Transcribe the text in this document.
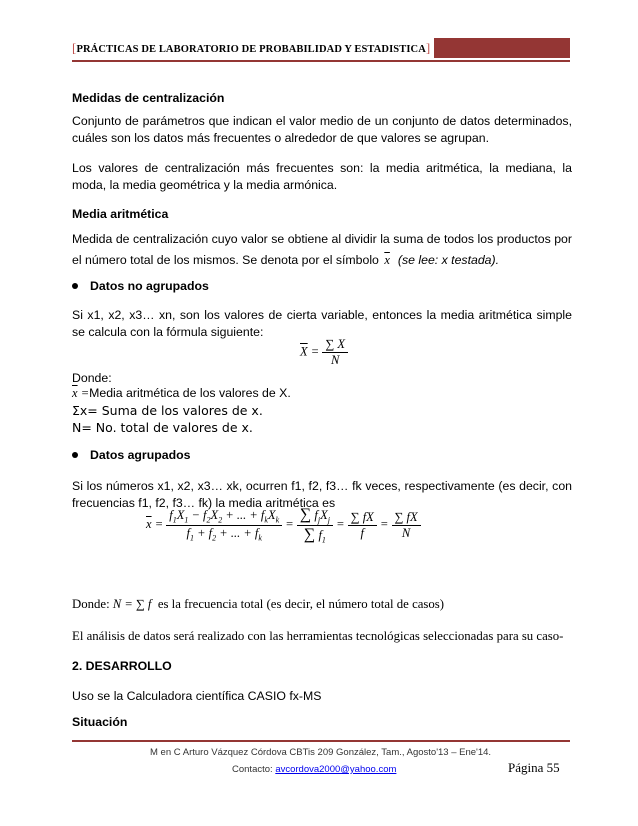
[PRÁCTICAS DE LABORATORIO DE PROBABILIDAD Y ESTADISTICA]
Medidas de centralización
Conjunto de parámetros que indican el valor medio de un conjunto de datos determinados, cuáles son los datos más frecuentes o alrededor de que valores se agrupan.
Los valores de centralización más frecuentes son: la media aritmética, la mediana, la moda, la media geométrica y la media armónica.
Media aritmética
Medida de centralización cuyo valor se obtiene al dividir la suma de todos los productos por el número total de los mismos. Se denota por el símbolo $\overline{x}$ (se lee: x testada).
Datos no agrupados
Si x1, x2, x3… xn, son los valores de cierta variable, entonces la media aritmética simple se calcula con la fórmula siguiente:
$\overline{X} = \frac{\sum X}{N}$
Donde:
$\overline{x}$ =Media aritmética de los valores de X.
Σx= Suma de los valores de x.
N= No. total de valores de x.
Datos agrupados
Si los números x1, x2, x3… xk, ocurren f1, f2, f3… fk veces, respectivamente (es decir, con frecuencias f1, f2, f3… fk) la media aritmética es
$\overline{x} = \frac{f_1X_1 - f_2X_2 + ... + f_kX_k}{f_1 + f_2 + ... + f_k} = \frac{\sum f_jX_j}{\sum f_1} = \frac{\sum fX}{f} = \frac{\sum fX}{N}$
Donde: N = ∑ f es la frecuencia total (es decir, el número total de casos)
El análisis de datos será realizado con las herramientas tecnológicas seleccionadas para su caso-
2. DESARROLLO
Uso se la Calculadora científica CASIO fx-MS
Situación
M en C Arturo Vázquez Córdova CBTis 209 González, Tam., Agosto'13 – Ene'14.
Contacto: avcordova2000@yahoo.com	Página 55
